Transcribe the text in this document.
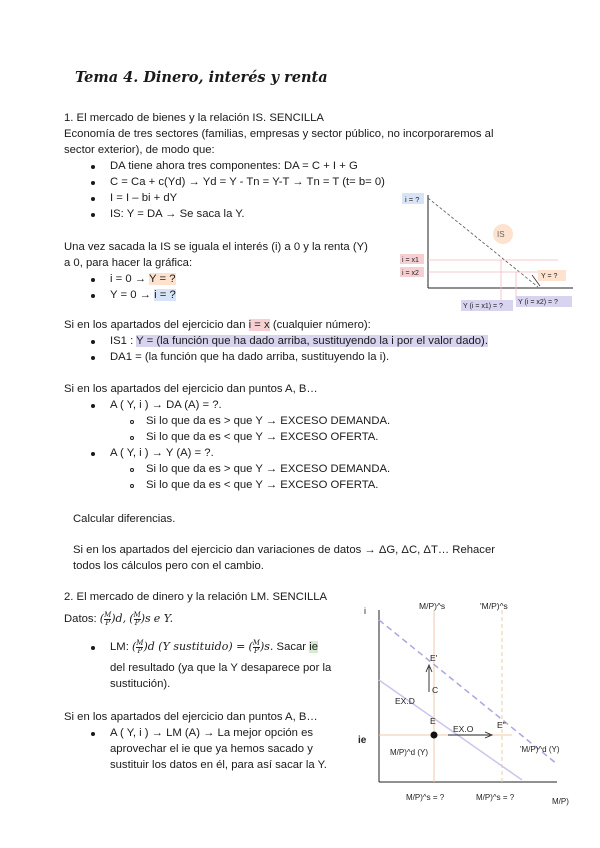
Tema 4. Dinero, interés y renta
1. El mercado de bienes y la relación IS. SENCILLA
Economía de tres sectores (familias, empresas y sector público, no incorporaremos al
sector exterior), de modo que:
DA tiene ahora tres componentes: DA = C + I + G
C = Ca + c(Yd) → Yd = Y - Tn = Y-T → Tn = T (t= b= 0)
I = I – bi + dY
IS: Y = DA → Se saca la Y.
Una vez sacada la IS se iguala el interés (i) a 0 y la renta (Y)
a 0, para hacer la gráfica:
i = 0 → Y = ?
Y = 0 → i = ?
Si en los apartados del ejercicio dan i = x (cualquier número):
IS1 : Y = (la función que ha dado arriba, sustituyendo la i por el valor dado).
DA1 = (la función que ha dado arriba, sustituyendo la i).
Si en los apartados del ejercicio dan puntos A, B…
A ( Y, i ) → DA (A) = ?.
Si lo que da es > que Y → EXCESO DEMANDA.
Si lo que da es < que Y → EXCESO OFERTA.
A ( Y, i ) → Y (A) = ?.
Si lo que da es > que Y → EXCESO DEMANDA.
Si lo que da es < que Y → EXCESO OFERTA.
Calcular diferencias.
Si en los apartados del ejercicio dan variaciones de datos → ΔG, ΔC, ΔT… Rehacer
todos los cálculos pero con el cambio.
i = ?
IS
i = x1
i = x2	Y = ?
Y (i = x1) = ?
Y (i = x2) = ?
2. El mercado de dinero y la relación LM. SENCILLA
Datos: ( $\frac{M}{P} )d$, ( $\frac{M}{P} )s$ e Y.
LM: ( $\frac{M}{P} )d$ (Y sustituido) = ( $\frac{M}{P} )s$. Sacar ie
del resultado (ya que la Y desaparece por la
sustitución).
Si en los apartados del ejercicio dan puntos A, B…
A ( Y, i ) → LM (A) → La mejor opción es
aprovechar el ie que ya hemos sacado y
sustituir los datos en él, para así sacar la Y.
i
ie
M/P)^s	'M/P)^s
E'
C
EX.D
E
EX.O	E"
M/P)^d (Y)	'M/P)^d (Y)
M/P)^s = ?	M/P)^s = ?	M/P)
